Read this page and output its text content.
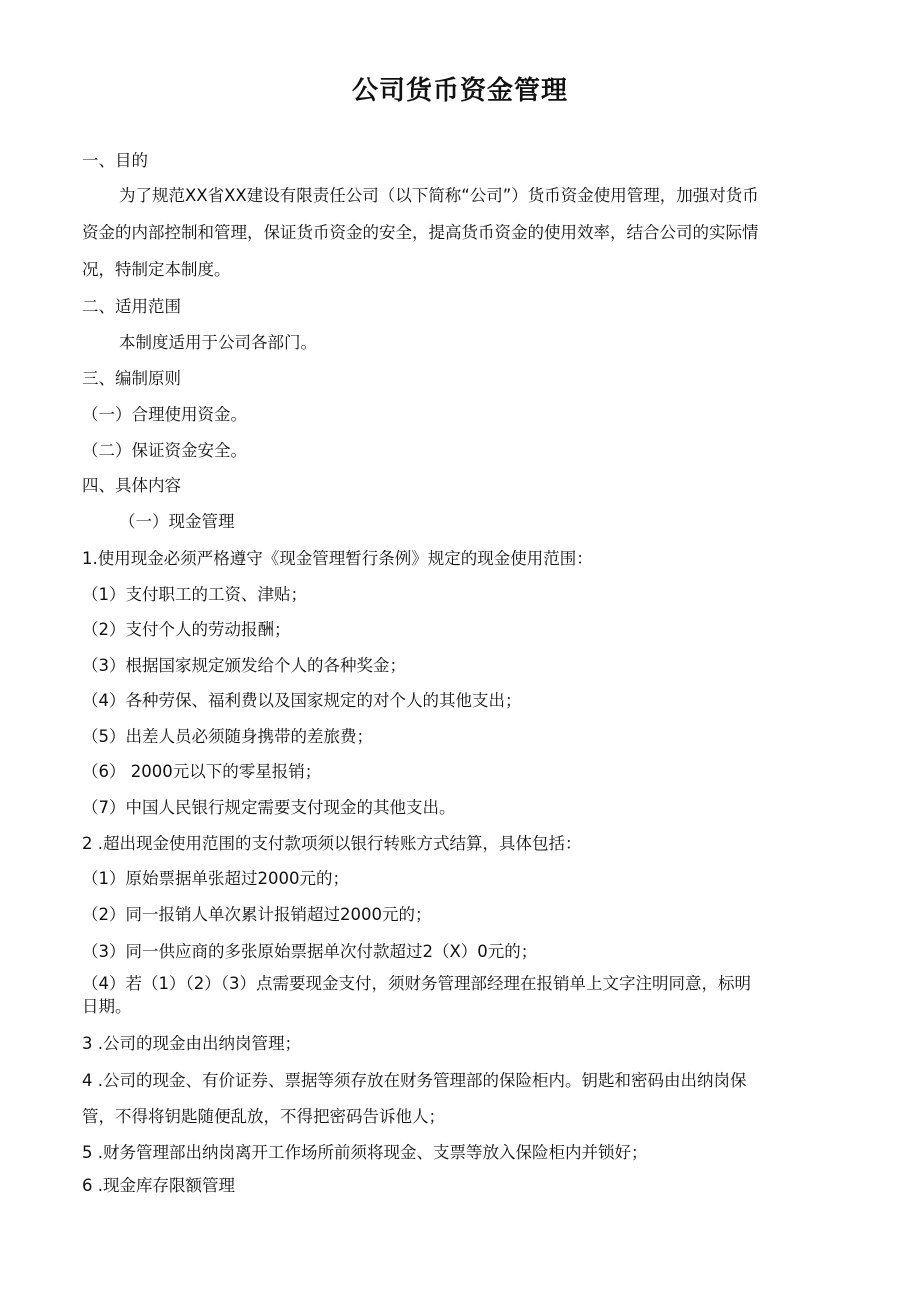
公司货币资金管理
一、目的
为了规范XX省XX建设有限责任公司（以下简称“公司”）货币资金使用管理，加强对货币
资金的内部控制和管理，保证货币资金的安全，提高货币资金的使用效率，结合公司的实际情
况，特制定本制度。
二、适用范围
本制度适用于公司各部门。
三、编制原则
（一）合理使用资金。
（二）保证资金安全。
四、具体内容
（一）现金管理
1.使用现金必须严格遵守《现金管理暂行条例》规定的现金使用范围：
（1）支付职工的工资、津贴；
（2）支付个人的劳动报酬；
（3）根据国家规定颁发给个人的各种奖金；
（4）各种劳保、福利费以及国家规定的对个人的其他支出；
（5）出差人员必须随身携带的差旅费；
（6） 2000元以下的零星报销；
（7）中国人民银行规定需要支付现金的其他支出。
2 .超出现金使用范围的支付款项须以银行转账方式结算，具体包括：
（1）原始票据单张超过2000元的；
（2）同一报销人单次累计报销超过2000元的；
（3）同一供应商的多张原始票据单次付款超过2（X）0元的；
（4）若（1）（2）（3）点需要现金支付，须财务管理部经理在报销单上文字注明同意，标明
日期。
3 .公司的现金由出纳岗管理；
4 .公司的现金、有价证券、票据等须存放在财务管理部的保险柜内。钥匙和密码由出纳岗保
管，不得将钥匙随便乱放，不得把密码告诉他人；
5 .财务管理部出纳岗离开工作场所前须将现金、支票等放入保险柜内并锁好；
6 .现金库存限额管理
